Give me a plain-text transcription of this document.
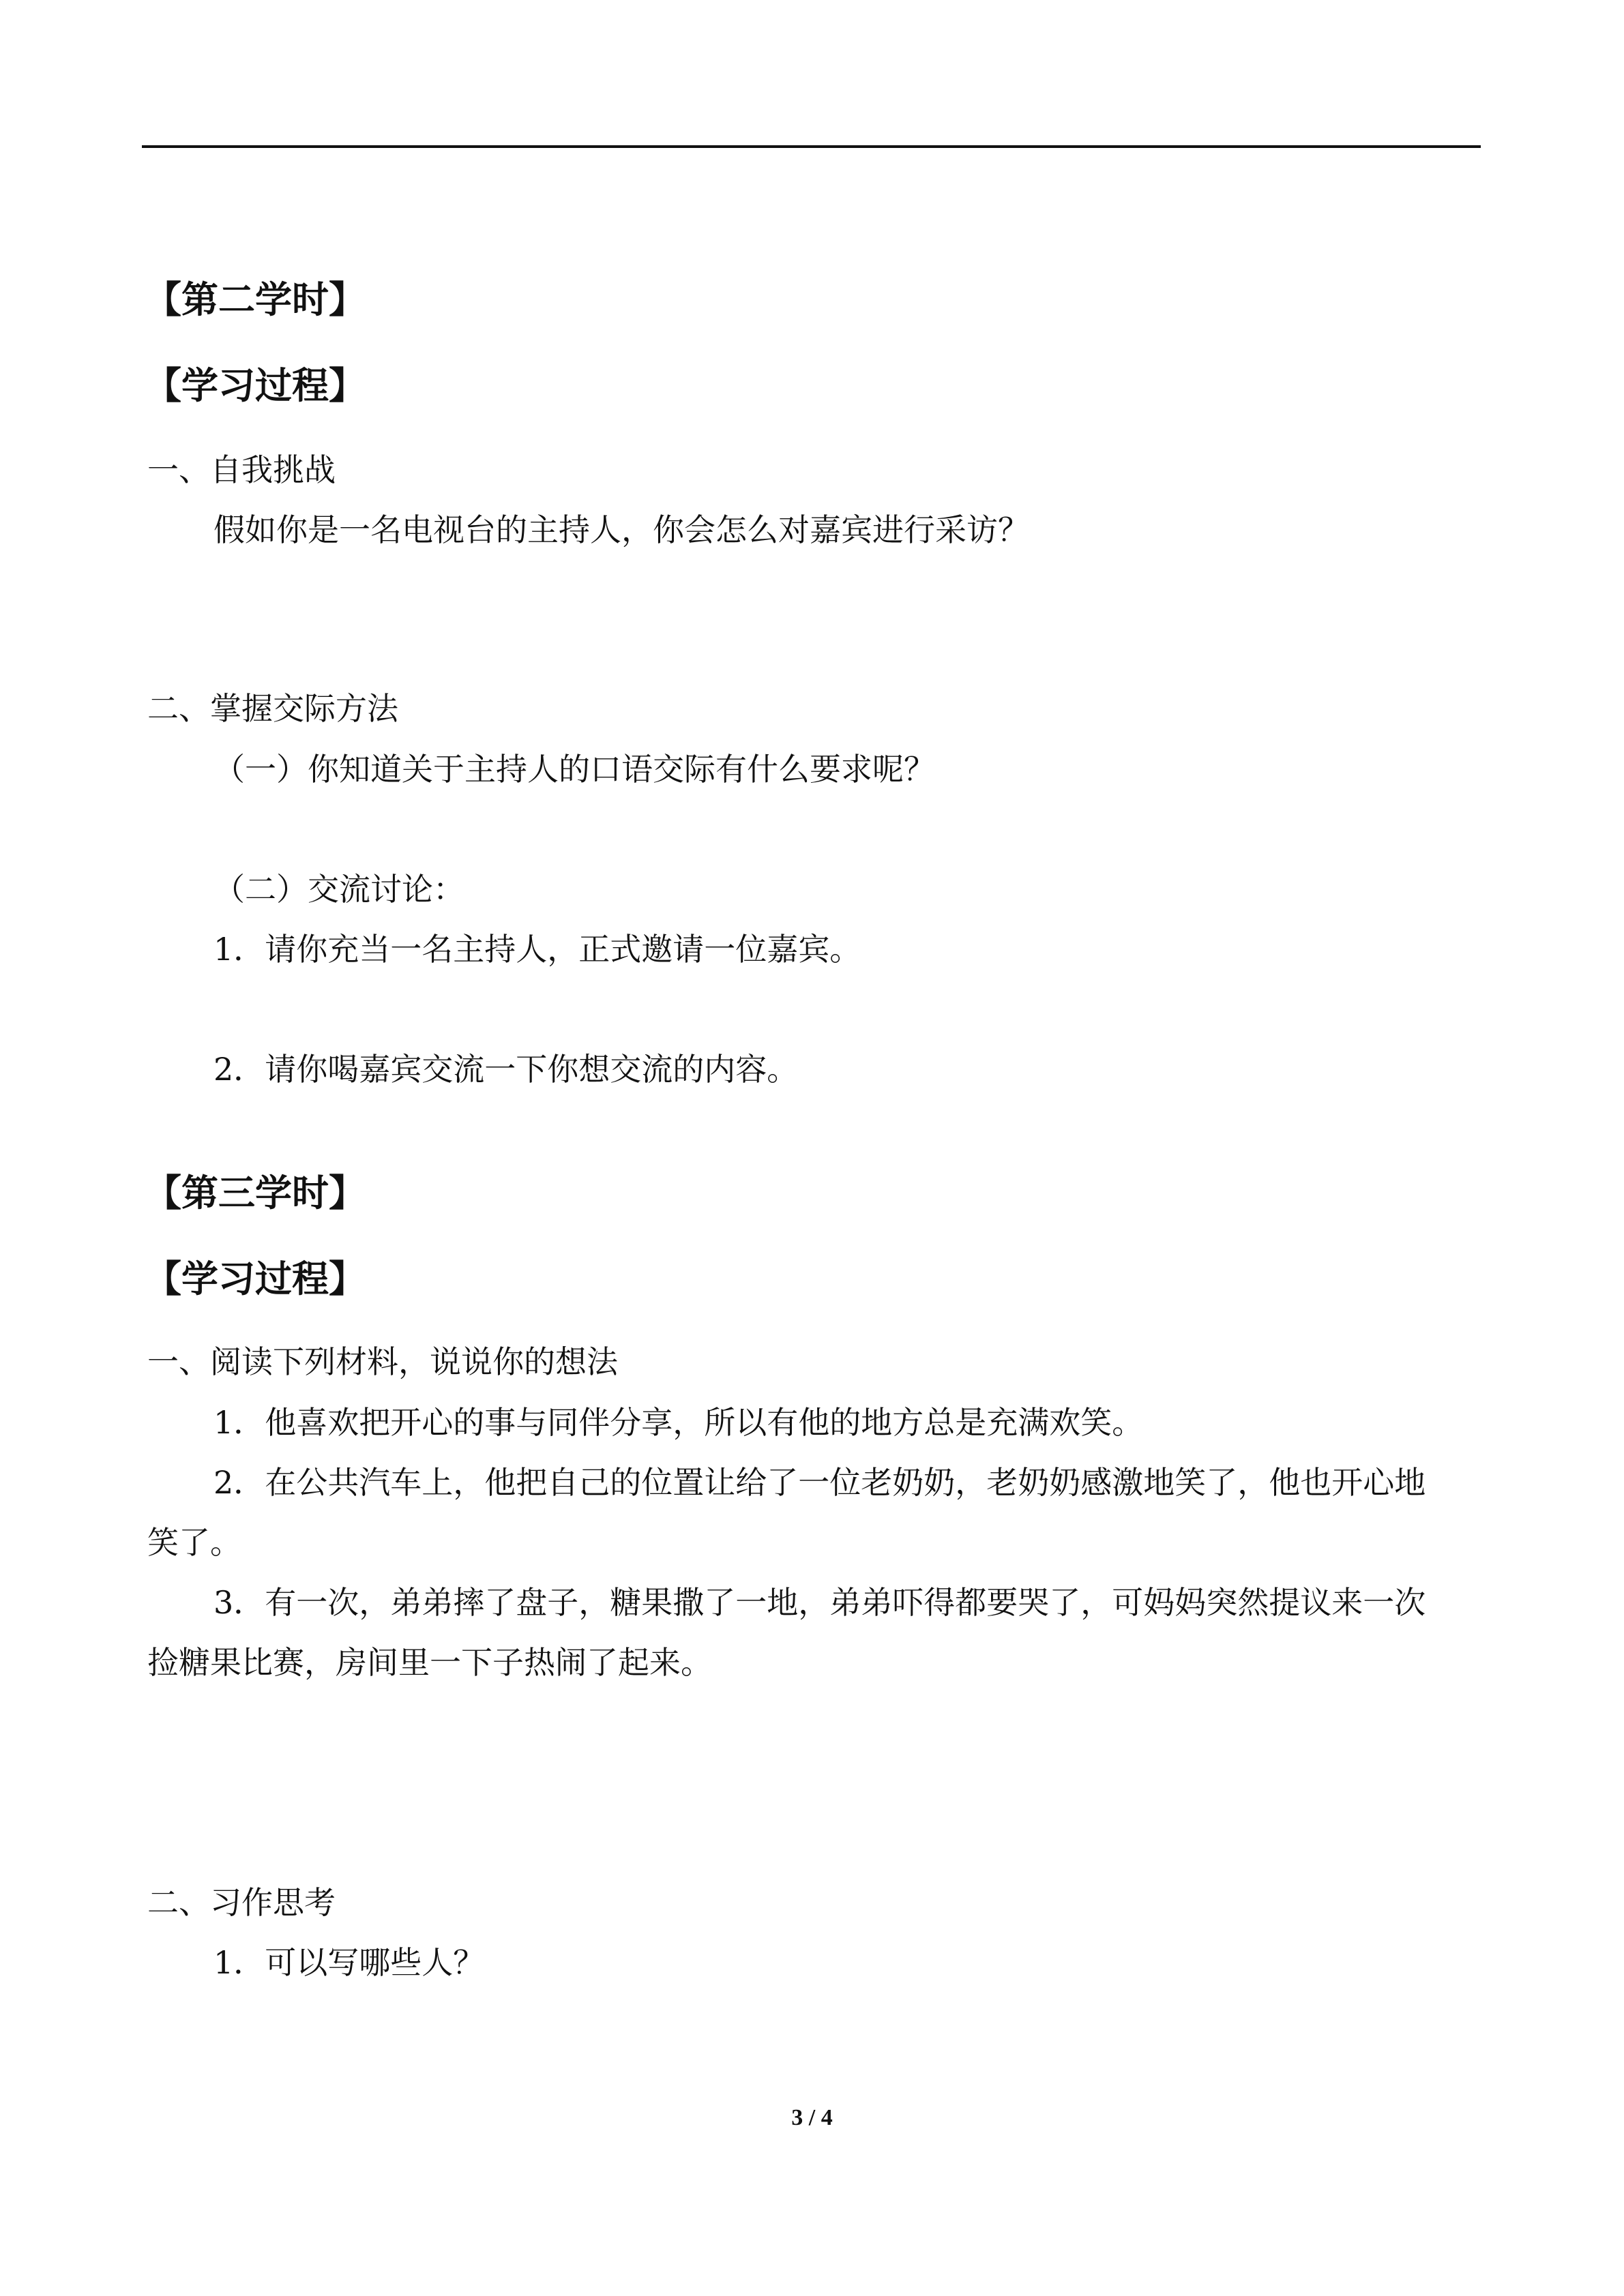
【第二学时】
【学习过程】
一、自我挑战
假如你是一名电视台的主持人，你会怎么对嘉宾进行采访？
二、掌握交际方法
（一）你知道关于主持人的口语交际有什么要求呢？
（二）交流讨论：
1．请你充当一名主持人，正式邀请一位嘉宾。
2．请你喝嘉宾交流一下你想交流的内容。
【第三学时】
【学习过程】
一、阅读下列材料，说说你的想法
1．他喜欢把开心的事与同伴分享，所以有他的地方总是充满欢笑。
2．在公共汽车上，他把自己的位置让给了一位老奶奶，老奶奶感激地笑了，他也开心地
笑了。
3．有一次，弟弟摔了盘子，糖果撒了一地，弟弟吓得都要哭了，可妈妈突然提议来一次
捡糖果比赛，房间里一下子热闹了起来。
二、习作思考
1．可以写哪些人？
3 / 4
